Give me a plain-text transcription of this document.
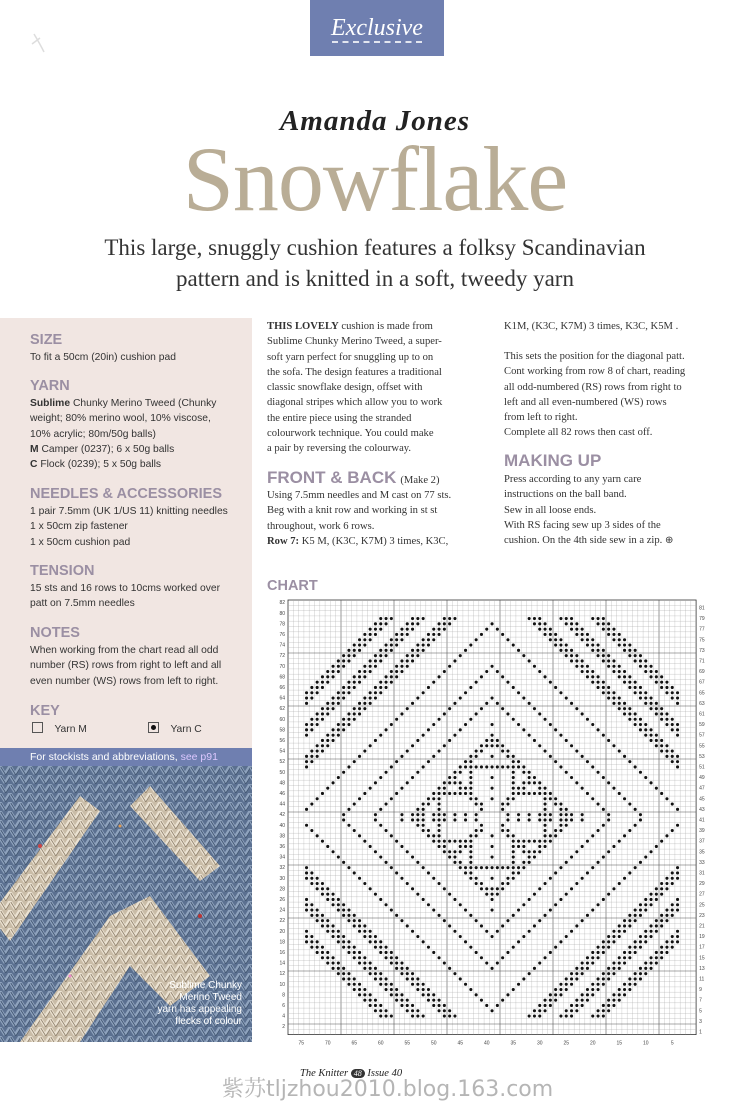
Exclusive
Amanda Jones
Snowflake
This large, snuggly cushion features a folksy Scandinavian
pattern and is knitted in a soft, tweedy yarn
SIZE
To fit a 50cm (20in) cushion pad
YARN
Sublime Chunky Merino Tweed (Chunky
weight; 80% merino wool, 10% viscose,
10% acrylic; 80m/50g balls)
M Camper (0237); 6 x 50g balls
C Flock (0239); 5 x 50g balls
NEEDLES & ACCESSORIES
1 pair 7.5mm (UK 1/US 11) knitting needles
1 x 50cm zip fastener
1 x 50cm cushion pad
TENSION
15 sts and 16 rows to 10cms worked over
patt on 7.5mm needles
NOTES
When working from the chart read all odd
number (RS) rows from right to left and all
even number (WS) rows from left to right.
KEY
Yarn M	Yarn C
For stockists and abbreviations, see p91
Sublime Chunky
Merino Tweed
yarn has appealing
flecks of colour
THIS LOVELY cushion is made from
Sublime Chunky Merino Tweed, a super-
soft yarn perfect for snuggling up to on
the sofa. The design features a traditional
classic snowflake design, offset with
diagonal stripes which allow you to work
the entire piece using the stranded
colourwork technique. You could make
a pair by reversing the colourway.
FRONT & BACK (Make 2)
Using 7.5mm needles and M cast on 77 sts.
Beg with a knit row and working in st st
throughout, work 6 rows.
Row 7: K5 M, (K3C, K7M) 3 times, K3C,
K1M, (K3C, K7M) 3 times, K3C, K5M .
This sets the position for the diagonal patt.
Cont working from row 8 of chart, reading
all odd-numbered (RS) rows from right to
left and all even-numbered (WS) rows
from left to right.
Complete all 82 rows then cast off.
MAKING UP
Press according to any yarn care
instructions on the ball band.
Sew in all loose ends.
With RS facing sew up 3 sides of the
cushion. On the 4th side sew in a zip. ⊕
CHART
82
80
78
76
74
72
70
68
66
64
62
60
58
56
54
52
50
48
46
44
42
40
38
36
34
32
30
28
26
24
22
20
18
16
14
12
10
8
6
4
2
81
79
77
75
73
71
69
67
65
63
61
59
57
55
53
51
49
47
45
43
41
39
37
35
33
31
29
27
25
23
21
19
17
15
13
11
9
7
5
3
1
75	70	65	60	55	50	45	40	35	30	25	20	15	10	5
The Knitter 48 Issue 40
紫苏tljzhou2010.blog.163.com
